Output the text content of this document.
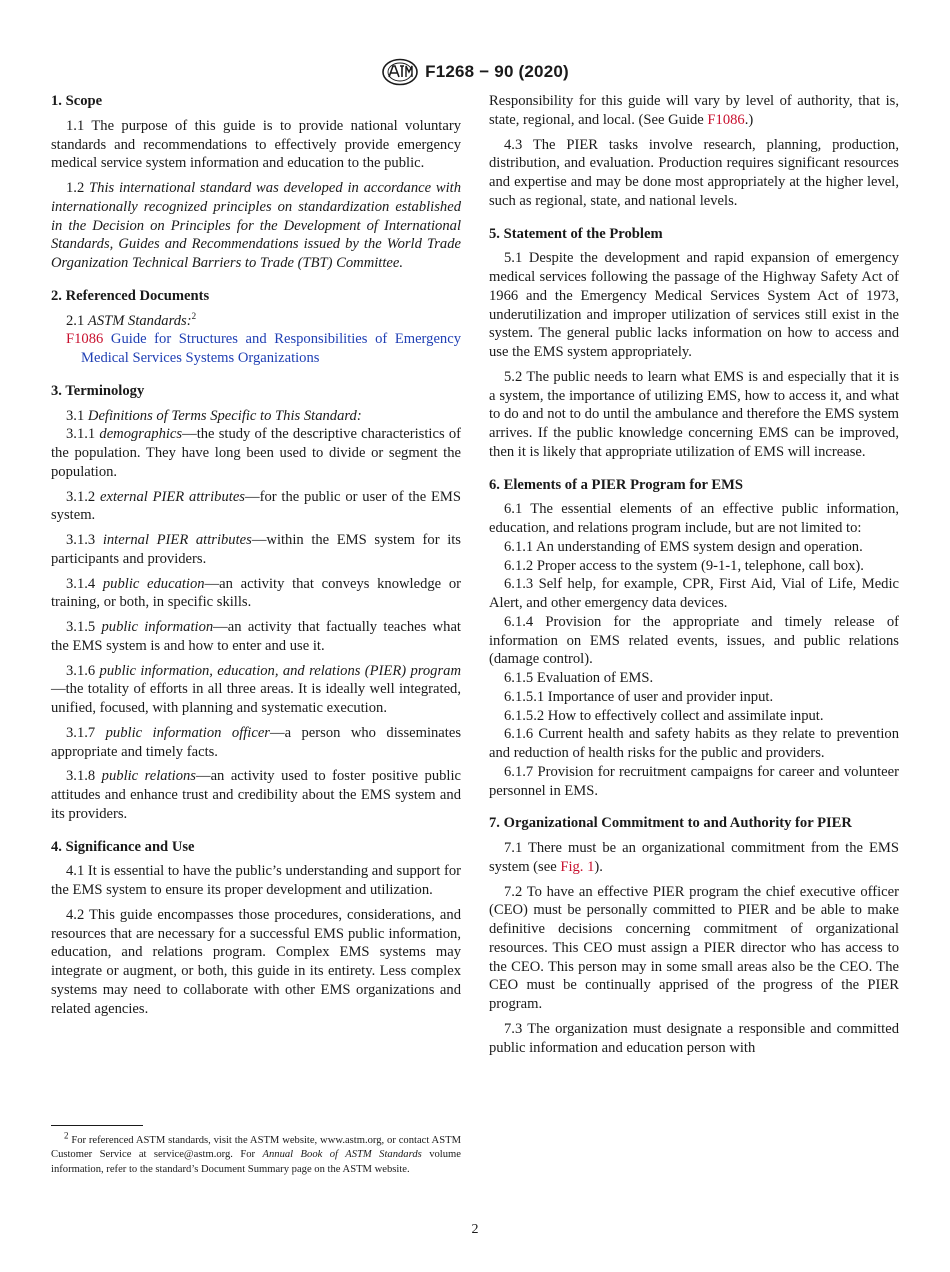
F1268 − 90 (2020)
1. Scope

1.1 The purpose of this guide is to provide national voluntary standards and recommendations to effectively provide emergency medical service system information and education to the public.

1.2 This international standard was developed in accordance with internationally recognized principles on standardization established in the Decision on Principles for the Development of International Standards, Guides and Recommendations issued by the World Trade Organization Technical Barriers to Trade (TBT) Committee.

2. Referenced Documents

2.1 ASTM Standards:$^2$

F1086 Guide for Structures and Responsibilities of Emergency Medical Services Systems Organizations

3. Terminology

3.1 Definitions of Terms Specific to This Standard:

3.1.1 demographics—the study of the descriptive characteristics of the population. They have long been used to divide or segment the population.

3.1.2 external PIER attributes—for the public or user of the EMS system.

3.1.3 internal PIER attributes—within the EMS system for its participants and providers.

3.1.4 public education—an activity that conveys knowledge or training, or both, in specific skills.

3.1.5 public information—an activity that factually teaches what the EMS system is and how to enter and use it.

3.1.6 public information, education, and relations (PIER) program—the totality of efforts in all three areas. It is ideally well integrated, unified, focused, with planning and systematic execution.

3.1.7 public information officer—a person who disseminates appropriate and timely facts.

3.1.8 public relations—an activity used to foster positive public attitudes and enhance trust and credibility about the EMS system and its providers.

4. Significance and Use

4.1 It is essential to have the public’s understanding and support for the EMS system to ensure its proper development and utilization.

4.2 This guide encompasses those procedures, considerations, and resources that are necessary for a successful EMS public information, education, and relations program. Complex EMS systems may integrate or augment, or both, this guide in its entirety. Less complex systems may need to collaborate with other EMS organizations and related agencies.

$^2$ For referenced ASTM standards, visit the ASTM website, www.astm.org, or contact ASTM Customer Service at service@astm.org. For Annual Book of ASTM Standards volume information, refer to the standard’s Document Summary page on the ASTM website.

Responsibility for this guide will vary by level of authority, that is, state, regional, and local. (See Guide F1086.)

4.3 The PIER tasks involve research, planning, production, distribution, and evaluation. Production requires significant resources and expertise and may be done most appropriately at the higher level, such as regional, state, and national levels.

5. Statement of the Problem

5.1 Despite the development and rapid expansion of emergency medical services following the passage of the Highway Safety Act of 1966 and the Emergency Medical Services System Act of 1973, underutilization and improper utilization of services still exist in the system. The general public lacks information on how to access and use the EMS system appropriately.

5.2 The public needs to learn what EMS is and especially that it is a system, the importance of utilizing EMS, how to access it, and what to do and not to do until the ambulance and therefore the EMS system arrives. If the public knowledge concerning EMS can be improved, then it is likely that appropriate utilization of EMS will increase.

6. Elements of a PIER Program for EMS

6.1 The essential elements of an effective public information, education, and relations program include, but are not limited to:

6.1.1 An understanding of EMS system design and operation.

6.1.2 Proper access to the system (9-1-1, telephone, call box).

6.1.3 Self help, for example, CPR, First Aid, Vial of Life, Medic Alert, and other emergency data devices.

6.1.4 Provision for the appropriate and timely release of information on EMS related events, issues, and public relations (damage control).

6.1.5 Evaluation of EMS.

6.1.5.1 Importance of user and provider input.

6.1.5.2 How to effectively collect and assimilate input.

6.1.6 Current health and safety habits as they relate to prevention and reduction of health risks for the public and providers.

6.1.7 Provision for recruitment campaigns for career and volunteer personnel in EMS.

7. Organizational Commitment to and Authority for PIER

7.1 There must be an organizational commitment from the EMS system (see Fig. 1).

7.2 To have an effective PIER program the chief executive officer (CEO) must be personally committed to PIER and be able to make definitive decisions concerning commitment of organizational resources. This CEO must assign a PIER director who has access to the CEO. This person may in some small areas also be the CEO. The CEO must be continually apprised of the progress of the PIER program.

7.3 The organization must designate a responsible and committed public information and education person with

2
